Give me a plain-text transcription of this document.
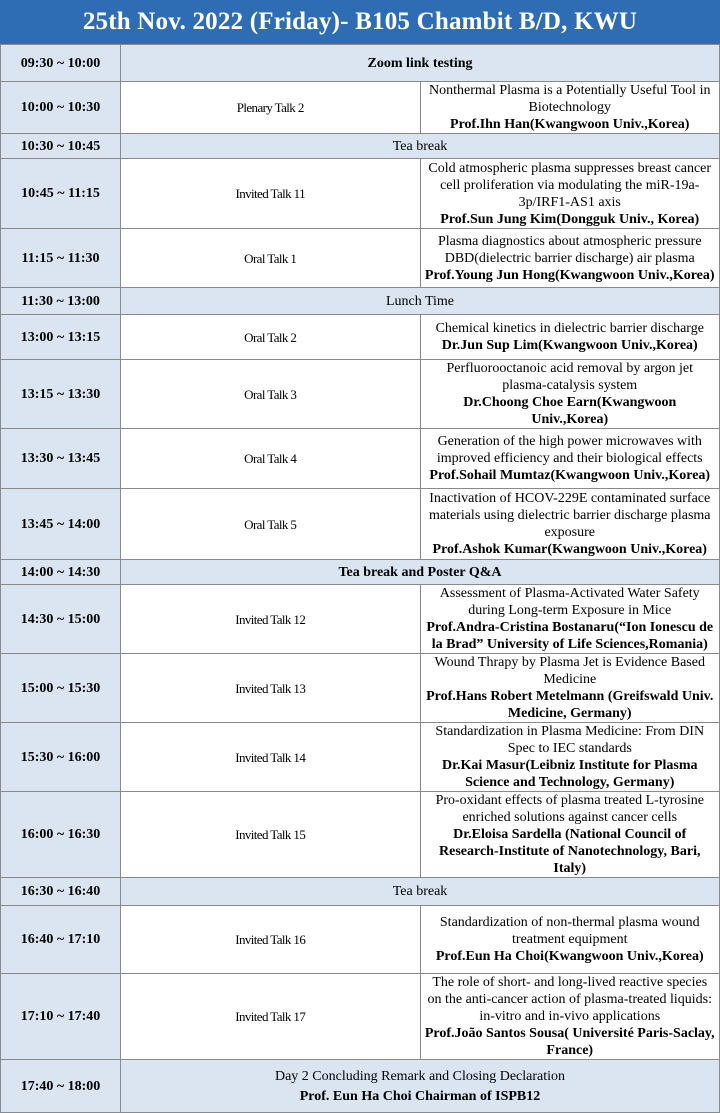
25th Nov. 2022 (Friday)- B105 Chambit B/D, KWU
09:30 ~ 10:00	Zoom link testing	
10:00 ~ 10:30	Plenary Talk 2	Nonthermal Plasma is a Potentially Useful Tool in Biotechnology
Prof.Ihn Han(Kwangwoon Univ.,Korea)

10:30 ~ 10:45	Tea break	
10:45 ~ 11:15	Invited Talk 11	Cold atmospheric plasma suppresses breast cancer cell proliferation via modulating the miR-19a-3p/IRF1-AS1 axis
Prof.Sun Jung Kim(Dongguk Univ., Korea)

11:15 ~ 11:30	Oral Talk 1	Plasma diagnostics about atmospheric pressure DBD(dielectric barrier discharge) air plasma
Prof.Young Jun Hong(Kwangwoon Univ.,Korea)

11:30 ~ 13:00	Lunch Time	
13:00 ~ 13:15	Oral Talk 2	Chemical kinetics in dielectric barrier discharge
Dr.Jun Sup Lim(Kwangwoon Univ.,Korea)

13:15 ~ 13:30	Oral Talk 3	Perfluorooctanoic acid removal by argon jet plasma-catalysis system
Dr.Choong Choe Earn(Kwangwoon Univ.,Korea)

13:30 ~ 13:45	Oral Talk 4	Generation of the high power microwaves with improved efficiency and their biological effects
Prof.Sohail Mumtaz(Kwangwoon Univ.,Korea)

13:45 ~ 14:00	Oral Talk 5	Inactivation of HCOV-229E contaminated surface materials using dielectric barrier discharge plasma exposure
Prof.Ashok Kumar(Kwangwoon Univ.,Korea)

14:00 ~ 14:30	Tea break and Poster Q&A	
14:30 ~ 15:00	Invited Talk 12	Assessment of Plasma-Activated Water Safety during Long-term Exposure in Mice
Prof.Andra-Cristina Bostanaru(“Ion Ionescu de la Brad” University of Life Sciences,Romania)

15:00 ~ 15:30	Invited Talk 13	Wound Thrapy by Plasma Jet is Evidence Based Medicine
Prof.Hans Robert Metelmann (Greifswald Univ. Medicine, Germany)

15:30 ~ 16:00	Invited Talk 14	Standardization in Plasma Medicine: From DIN Spec to IEC standards
Dr.Kai Masur(Leibniz Institute for Plasma Science and Technology, Germany)

16:00 ~ 16:30	Invited Talk 15	Pro-oxidant effects of plasma treated L-tyrosine enriched solutions against cancer cells
Dr.Eloisa Sardella (National Council of Research-Institute of Nanotechnology, Bari, Italy)

16:30 ~ 16:40	Tea break	
16:40 ~ 17:10	Invited Talk 16	Standardization of non-thermal plasma wound treatment equipment
Prof.Eun Ha Choi(Kwangwoon Univ.,Korea)

17:10 ~ 17:40	Invited Talk 17	The role of short- and long-lived reactive species on the anti-cancer action of plasma-treated liquids: in-vitro and in-vivo applications
Prof.João Santos Sousa( Université Paris-Saclay, France)

17:40 ~ 18:00	Day 2 Concluding Remark and Closing Declaration
Prof. Eun Ha Choi Chairman of ISPB12	
